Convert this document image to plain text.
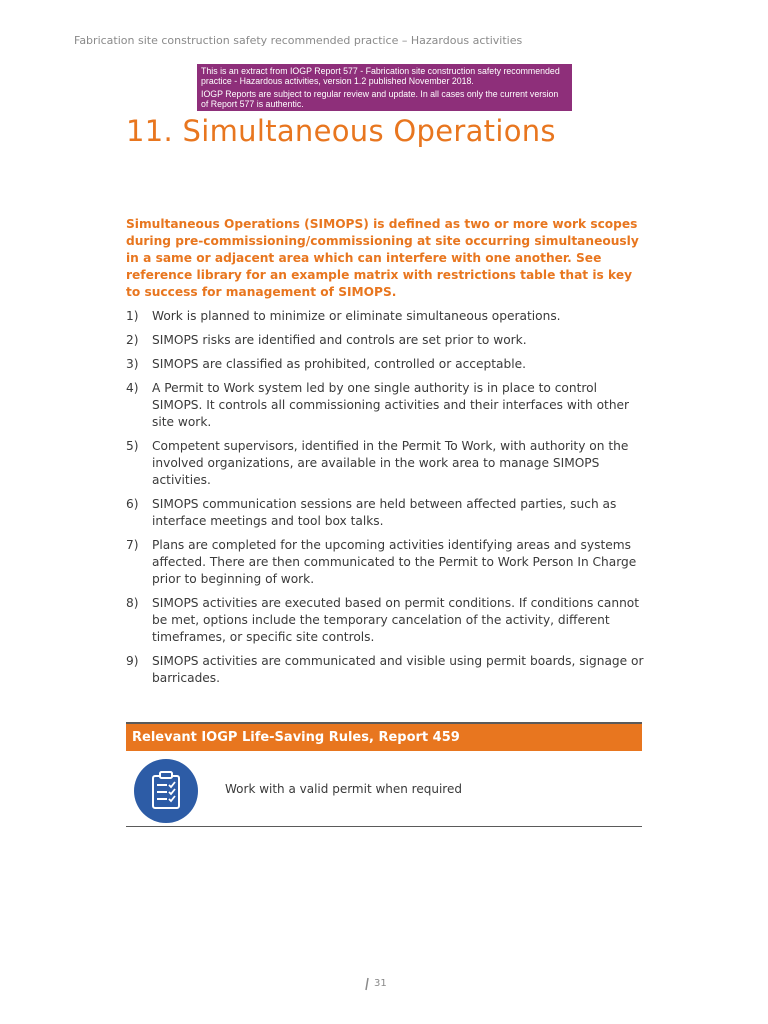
Fabrication site construction safety recommended practice – Hazardous activities

This is an extract from IOGP Report 577 - Fabrication site construction safety recommended practice - Hazardous activities, version 1.2 published November 2018.

IOGP Reports are subject to regular review and update. In all cases only the current version of Report 577 is authentic.

11. Simultaneous Operations

Simultaneous Operations (SIMOPS) is defined as two or more work scopes during pre-commissioning/commissioning at site occurring simultaneously in a same or adjacent area which can interfere with one another. See reference library for an example matrix with restrictions table that is key to success for management of SIMOPS.

1)	Work is planned to minimize or eliminate simultaneous operations.
2)	SIMOPS risks are identified and controls are set prior to work.
3)	SIMOPS are classified as prohibited, controlled or acceptable.
4)	A Permit to Work system led by one single authority is in place to control SIMOPS. It controls all commissioning activities and their interfaces with other site work.
5)	Competent supervisors, identified in the Permit To Work, with authority on the involved organizations, are available in the work area to manage SIMOPS activities.
6)	SIMOPS communication sessions are held between affected parties, such as interface meetings and tool box talks.
7)	Plans are completed for the upcoming activities identifying areas and systems affected. There are then communicated to the Permit to Work Person In Charge prior to beginning of work.
8)	SIMOPS activities are executed based on permit conditions. If conditions cannot be met, options include the temporary cancelation of the activity, different timeframes, or specific site controls.
9)	SIMOPS activities are communicated and visible using permit boards, signage or barricades.
Relevant IOGP Life-Saving Rules, Report 459
Work with a valid permit when required
31
